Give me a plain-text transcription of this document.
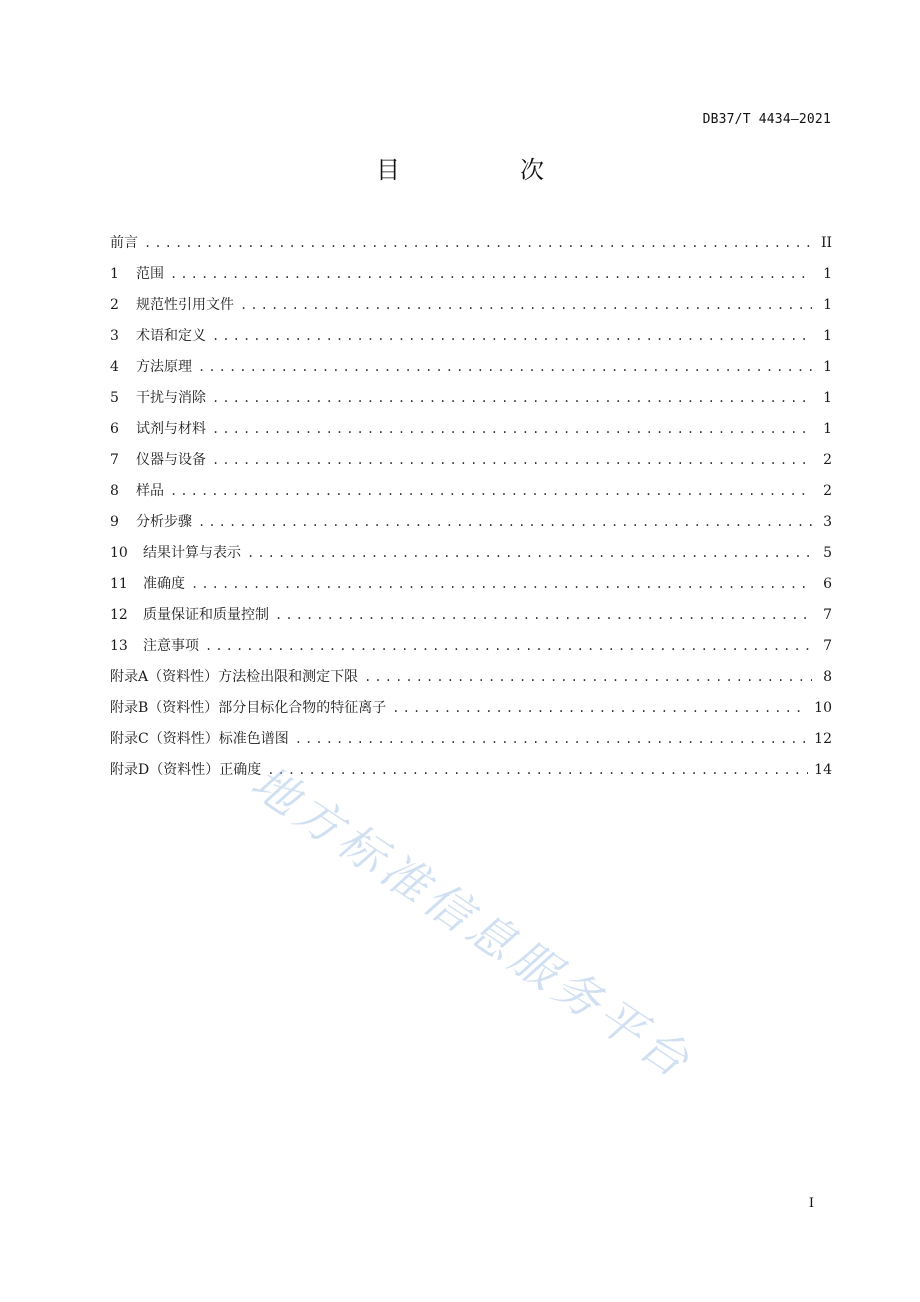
DB37/T 4434—2021
目　次
前言 .....	II
1	范围 .....	1
2	规范性引用文件 .....	1
3	术语和定义 .....	1
4	方法原理 .....	1
5	干扰与消除 .....	1
6	试剂与材料 .....	1
7	仪器与设备 .....	2
8	样品 .....	2
9	分析步骤 .....	3
10	结果计算与表示 .....	5
11	准确度 .....	6
12	质量保证和质量控制 .....	7
13	注意事项 .....	7
附录A（资料性）方法检出限和测定下限 .....	8
附录B（资料性）部分目标化合物的特征离子 .....	10
附录C（资料性）标准色谱图 .....	12
附录D（资料性）正确度 .....	14
地方标准信息服务平台
I
